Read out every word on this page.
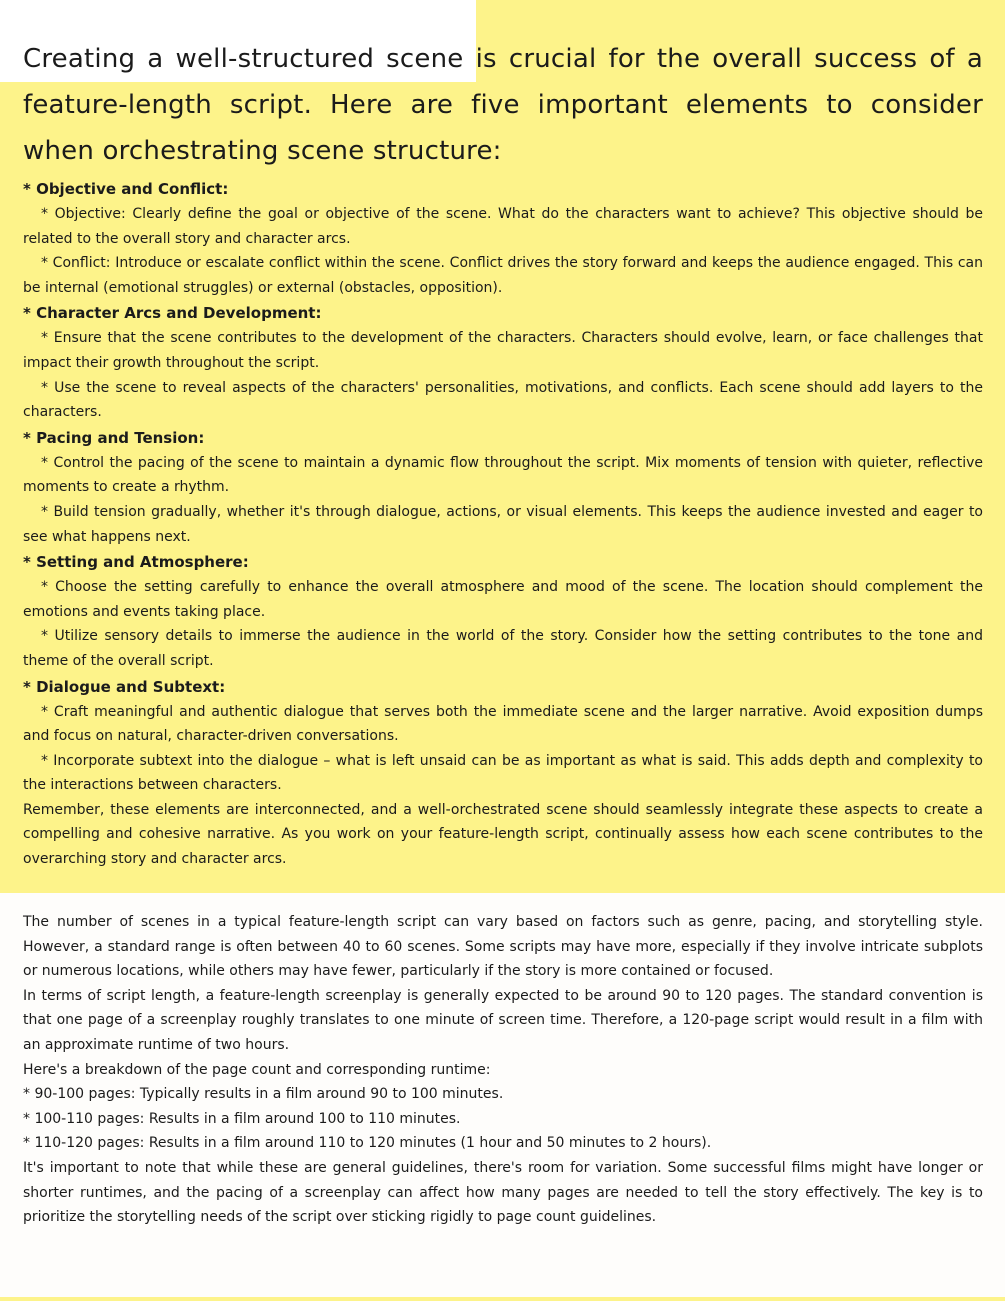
Creating a well-structured scene is crucial for the overall success of a feature-length script. Here are five important elements to consider when orchestrating scene structure:

* Objective and Conflict:

* Objective: Clearly define the goal or objective of the scene. What do the characters want to achieve? This objective should be related to the overall story and character arcs.

* Conflict: Introduce or escalate conflict within the scene. Conflict drives the story forward and keeps the audience engaged. This can be internal (emotional struggles) or external (obstacles, opposition).

* Character Arcs and Development:

* Ensure that the scene contributes to the development of the characters. Characters should evolve, learn, or face challenges that impact their growth throughout the script.

* Use the scene to reveal aspects of the characters' personalities, motivations, and conflicts. Each scene should add layers to the characters.

* Pacing and Tension:

* Control the pacing of the scene to maintain a dynamic flow throughout the script. Mix moments of tension with quieter, reflective moments to create a rhythm.

* Build tension gradually, whether it's through dialogue, actions, or visual elements. This keeps the audience invested and eager to see what happens next.

* Setting and Atmosphere:

* Choose the setting carefully to enhance the overall atmosphere and mood of the scene. The location should complement the emotions and events taking place.

* Utilize sensory details to immerse the audience in the world of the story. Consider how the setting contributes to the tone and theme of the overall script.

* Dialogue and Subtext:

* Craft meaningful and authentic dialogue that serves both the immediate scene and the larger narrative. Avoid exposition dumps and focus on natural, character-driven conversations.

* Incorporate subtext into the dialogue – what is left unsaid can be as important as what is said. This adds depth and complexity to the interactions between characters.

Remember, these elements are interconnected, and a well-orchestrated scene should seamlessly integrate these aspects to create a compelling and cohesive narrative. As you work on your feature-length script, continually assess how each scene contributes to the overarching story and character arcs.

The number of scenes in a typical feature-length script can vary based on factors such as genre, pacing, and storytelling style. However, a standard range is often between 40 to 60 scenes. Some scripts may have more, especially if they involve intricate subplots or numerous locations, while others may have fewer, particularly if the story is more contained or focused.

In terms of script length, a feature-length screenplay is generally expected to be around 90 to 120 pages. The standard convention is that one page of a screenplay roughly translates to one minute of screen time. Therefore, a 120-page script would result in a film with an approximate runtime of two hours.

Here's a breakdown of the page count and corresponding runtime:

* 90-100 pages: Typically results in a film around 90 to 100 minutes.

* 100-110 pages: Results in a film around 100 to 110 minutes.

* 110-120 pages: Results in a film around 110 to 120 minutes (1 hour and 50 minutes to 2 hours).

It's important to note that while these are general guidelines, there's room for variation. Some successful films might have longer or shorter runtimes, and the pacing of a screenplay can affect how many pages are needed to tell the story effectively. The key is to prioritize the storytelling needs of the script over sticking rigidly to page count guidelines.
